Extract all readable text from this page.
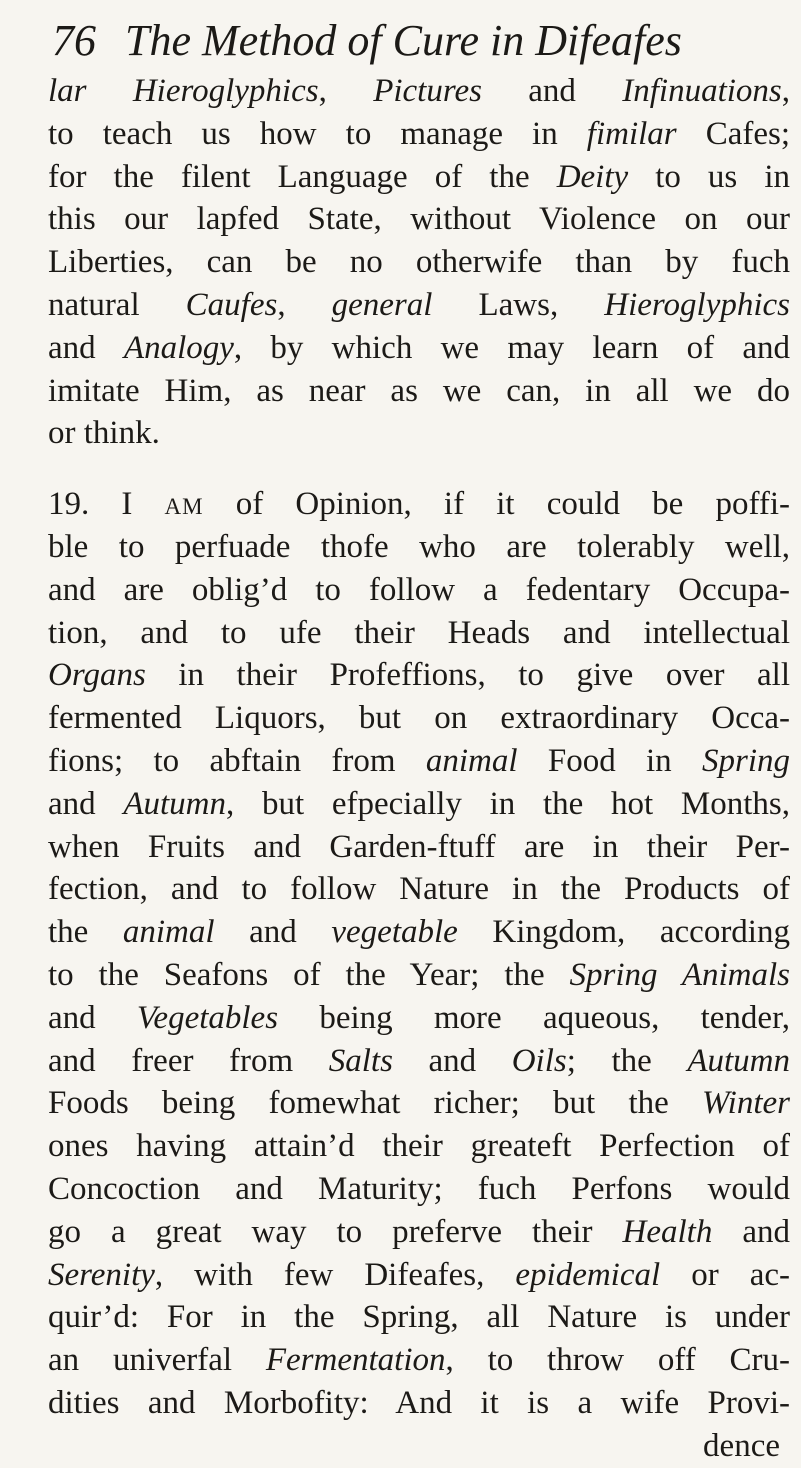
76 The Method of Cure in Difeafes
lar Hieroglyphics, Pictures and Infinuations,
to teach us how to manage in fimilar Cafes;
for the filent Language of the Deity to us in
this our lapfed State, without Violence on our
Liberties, can be no otherwife than by fuch
natural Caufes, general Laws, Hieroglyphics
and Analogy, by which we may learn of and
imitate Him, as near as we can, in all we do
or think.
19. I am of Opinion, if it could be poffi-
ble to perfuade thofe who are tolerably well,
and are oblig’d to follow a fedentary Occupa-
tion, and to ufe their Heads and intellectual
Organs in their Profeffions, to give over all
fermented Liquors, but on extraordinary Occa-
fions; to abftain from animal Food in Spring
and Autumn, but efpecially in the hot Months,
when Fruits and Garden-ftuff are in their Per-
fection, and to follow Nature in the Products of
the animal and vegetable Kingdom, according
to the Seafons of the Year; the Spring Animals
and Vegetables being more aqueous, tender,
and freer from Salts and Oils; the Autumn
Foods being fomewhat richer; but the Winter
ones having attain’d their greateft Perfection of
Concoction and Maturity; fuch Perfons would
go a great way to preferve their Health and
Serenity, with few Difeafes, epidemical or ac-
quir’d: For in the Spring, all Nature is under
an univerfal Fermentation, to throw off Cru-
dities and Morbofity: And it is a wife Provi-
dence
